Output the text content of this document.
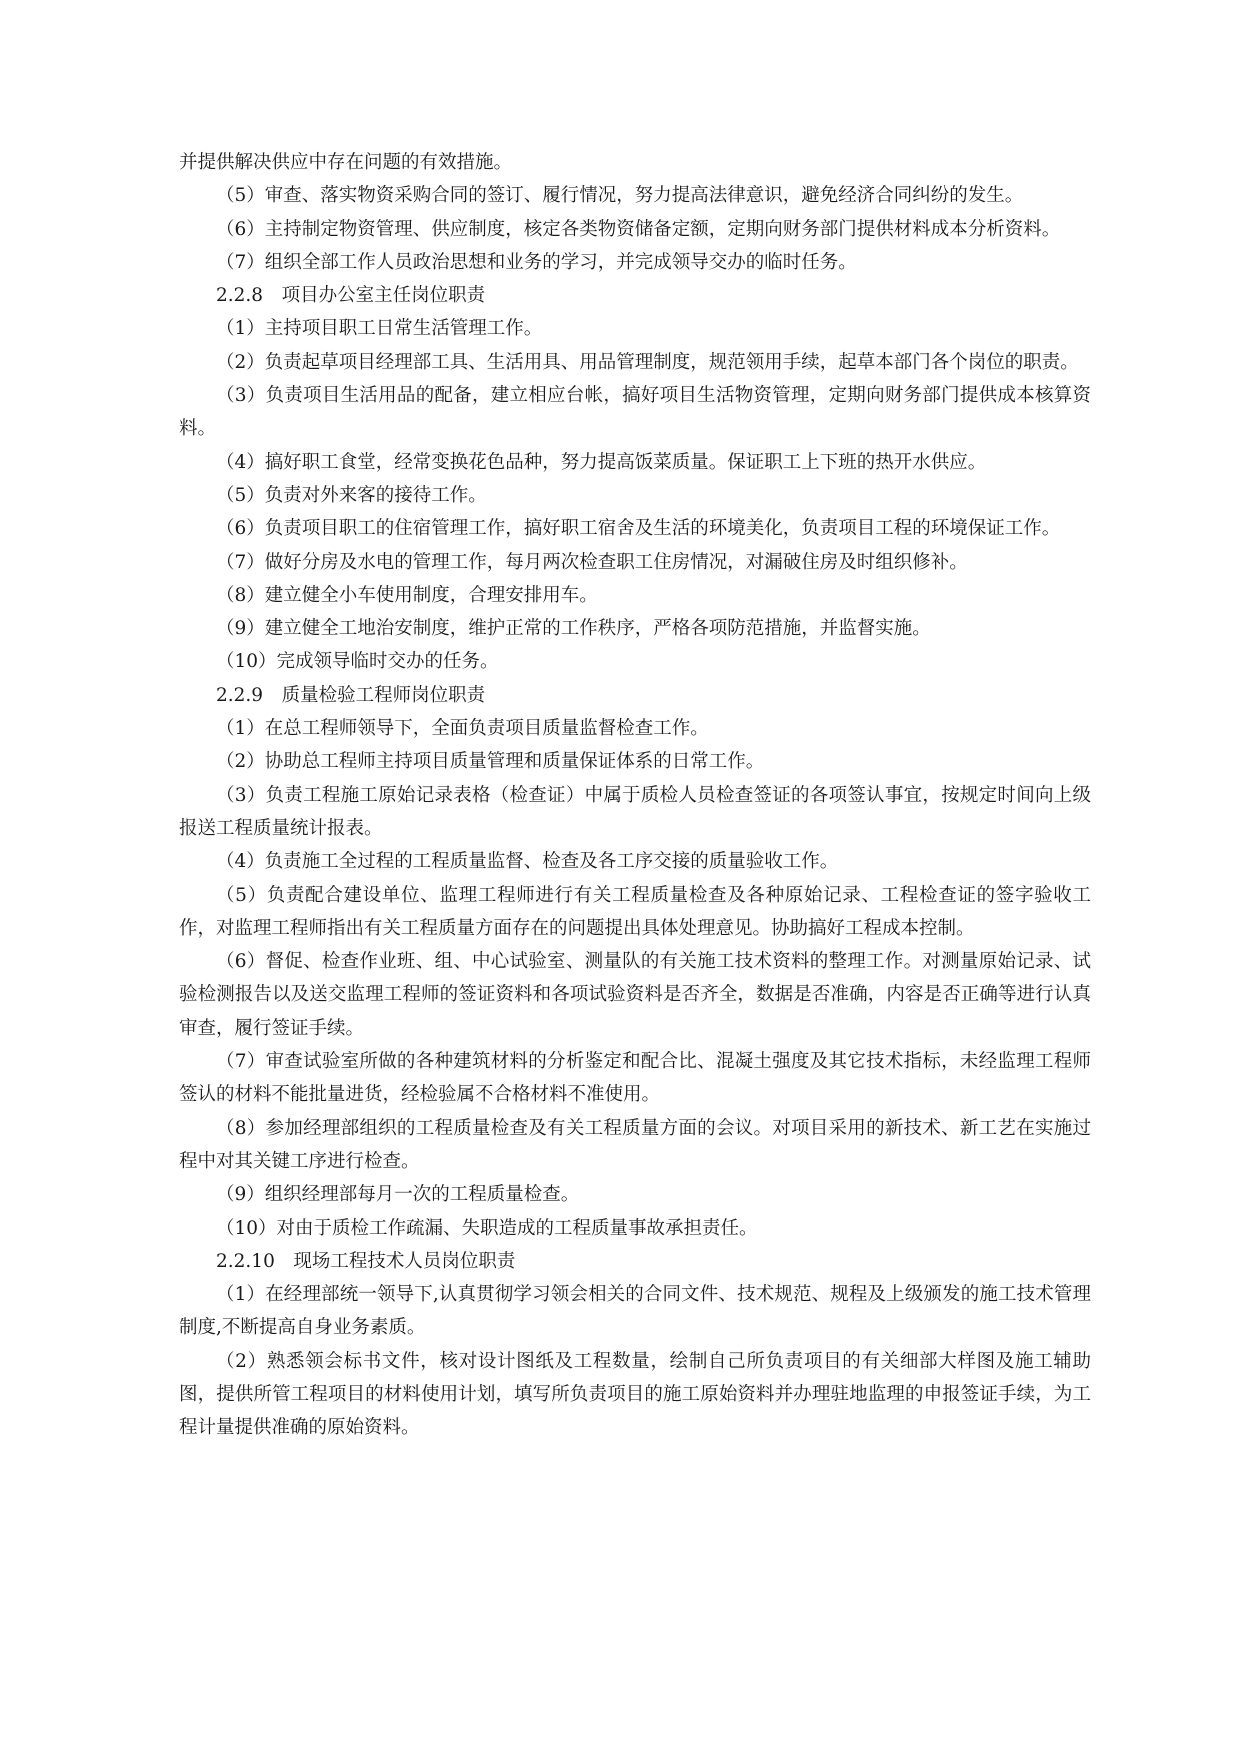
并提供解决供应中存在问题的有效措施。

（5）审查、落实物资采购合同的签订、履行情况，努力提高法律意识，避免经济合同纠纷的发生。

（6）主持制定物资管理、供应制度，核定各类物资储备定额，定期向财务部门提供材料成本分析资料。

（7）组织全部工作人员政治思想和业务的学习，并完成领导交办的临时任务。

2.2.8　项目办公室主任岗位职责

（1）主持项目职工日常生活管理工作。

（2）负责起草项目经理部工具、生活用具、用品管理制度，规范领用手续，起草本部门各个岗位的职责。

（3）负责项目生活用品的配备，建立相应台帐，搞好项目生活物资管理，定期向财务部门提供成本核算资料。

（4）搞好职工食堂，经常变换花色品种，努力提高饭菜质量。保证职工上下班的热开水供应。

（5）负责对外来客的接待工作。

（6）负责项目职工的住宿管理工作，搞好职工宿舍及生活的环境美化，负责项目工程的环境保证工作。

（7）做好分房及水电的管理工作，每月两次检查职工住房情况，对漏破住房及时组织修补。

（8）建立健全小车使用制度，合理安排用车。

（9）建立健全工地治安制度，维护正常的工作秩序，严格各项防范措施，并监督实施。

（10）完成领导临时交办的任务。

2.2.9　质量检验工程师岗位职责

（1）在总工程师领导下，全面负责项目质量监督检查工作。

（2）协助总工程师主持项目质量管理和质量保证体系的日常工作。

（3）负责工程施工原始记录表格（检查证）中属于质检人员检查签证的各项签认事宜，按规定时间向上级报送工程质量统计报表。

（4）负责施工全过程的工程质量监督、检查及各工序交接的质量验收工作。

（5）负责配合建设单位、监理工程师进行有关工程质量检查及各种原始记录、工程检查证的签字验收工作，对监理工程师指出有关工程质量方面存在的问题提出具体处理意见。协助搞好工程成本控制。

（6）督促、检查作业班、组、中心试验室、测量队的有关施工技术资料的整理工作。对测量原始记录、试验检测报告以及送交监理工程师的签证资料和各项试验资料是否齐全，数据是否准确，内容是否正确等进行认真审查，履行签证手续。

（7）审查试验室所做的各种建筑材料的分析鉴定和配合比、混凝土强度及其它技术指标，未经监理工程师签认的材料不能批量进货，经检验属不合格材料不准使用。

（8）参加经理部组织的工程质量检查及有关工程质量方面的会议。对项目采用的新技术、新工艺在实施过程中对其关键工序进行检查。

（9）组织经理部每月一次的工程质量检查。

（10）对由于质检工作疏漏、失职造成的工程质量事故承担责任。

2.2.10　现场工程技术人员岗位职责

（1）在经理部统一领导下,认真贯彻学习领会相关的合同文件、技术规范、规程及上级颁发的施工技术管理制度,不断提高自身业务素质。

（2）熟悉领会标书文件，核对设计图纸及工程数量，绘制自己所负责项目的有关细部大样图及施工辅助图，提供所管工程项目的材料使用计划，填写所负责项目的施工原始资料并办理驻地监理的申报签证手续，为工程计量提供准确的原始资料。
